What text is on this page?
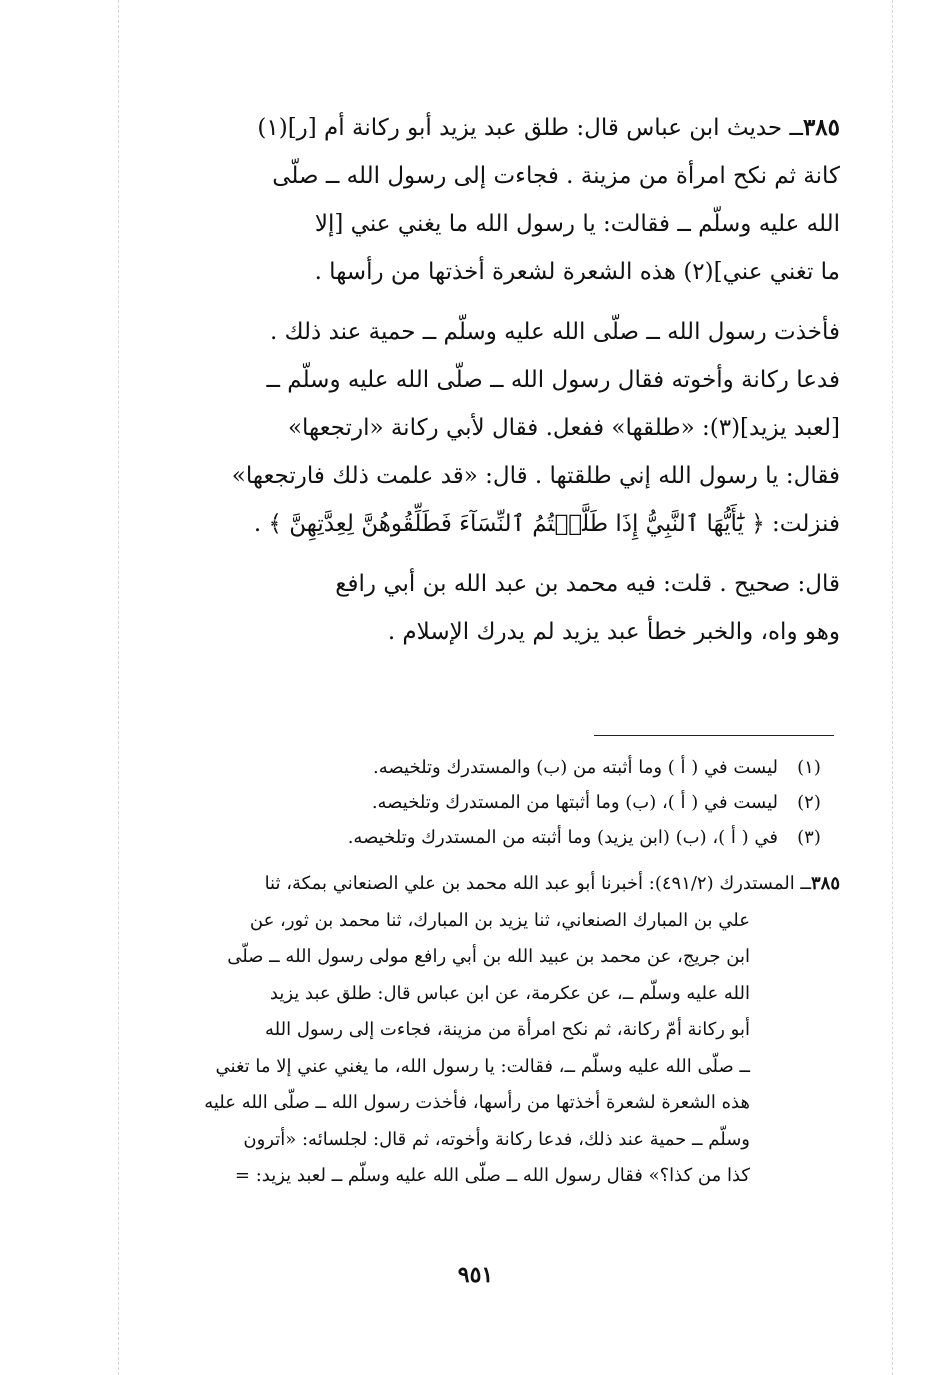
٣٨٥ــ حديث ابن عباس قال: طلق عبد يزيد أبو ركانة أم [ر](١)
كانة ثم نكح امرأة من مزينة . فجاءت إلى رسول الله ــ صلّى
الله عليه وسلّم ــ فقالت: يا رسول الله ما يغني عني [إلا
ما تغني عني](٢) هذه الشعرة لشعرة أخذتها من رأسها .
فأخذت رسول الله ــ صلّى الله عليه وسلّم ــ حمية عند ذلك .
فدعا ركانة وأخوته فقال رسول الله ــ صلّى الله عليه وسلّم ــ
[لعبد يزيد](٣): «طلقها» ففعل. فقال لأبي ركانة «ارتجعها»
فقال: يا رسول الله إني طلقتها . قال: «قد علمت ذلك فارتجعها»
فنزلت: ﴿ يَٰٓأَيُّهَا ٱلنَّبِيُّ إِذَا طَلَّقۡتُمُ ٱلنِّسَآءَ فَطَلِّقُوهُنَّ لِعِدَّتِهِنَّ ﴾ .
قال: صحيح . قلت: فيه محمد بن عبد الله بن أبي رافع
وهو واه، والخبر خطأ عبد يزيد لم يدرك الإسلام .
(١)
ليست في ( أ ) وما أثبته من (ب) والمستدرك وتلخيصه.
(٢)
ليست في ( أ )، (ب) وما أثبتها من المستدرك وتلخيصه.
(٣)
في ( أ )، (ب) (ابن يزيد) وما أثبته من المستدرك وتلخيصه.
٣٨٥ــ المستدرك (٤٩١/٢): أخبرنا أبو عبد الله محمد بن علي الصنعاني بمكة، ثنا
علي بن المبارك الصنعاني، ثنا يزيد بن المبارك، ثنا محمد بن ثور، عن
ابن جريج، عن محمد بن عبيد الله بن أبي رافع مولى رسول الله ــ صلّى
الله عليه وسلّم ــ، عن عكرمة، عن ابن عباس قال: طلق عبد يزيد
أبو ركانة أمّ ركانة، ثم نكح امرأة من مزينة، فجاءت إلى رسول الله
ــ صلّى الله عليه وسلّم ــ، فقالت: يا رسول الله، ما يغني عني إلا ما تغني
هذه الشعرة لشعرة أخذتها من رأسها، فأخذت رسول الله ــ صلّى الله عليه
وسلّم ــ حمية عند ذلك، فدعا ركانة وأخوته، ثم قال: لجلسائه: «أترون
كذا من كذا؟» فقال رسول الله ــ صلّى الله عليه وسلّم ــ لعبد يزيد: =
٩٥١
